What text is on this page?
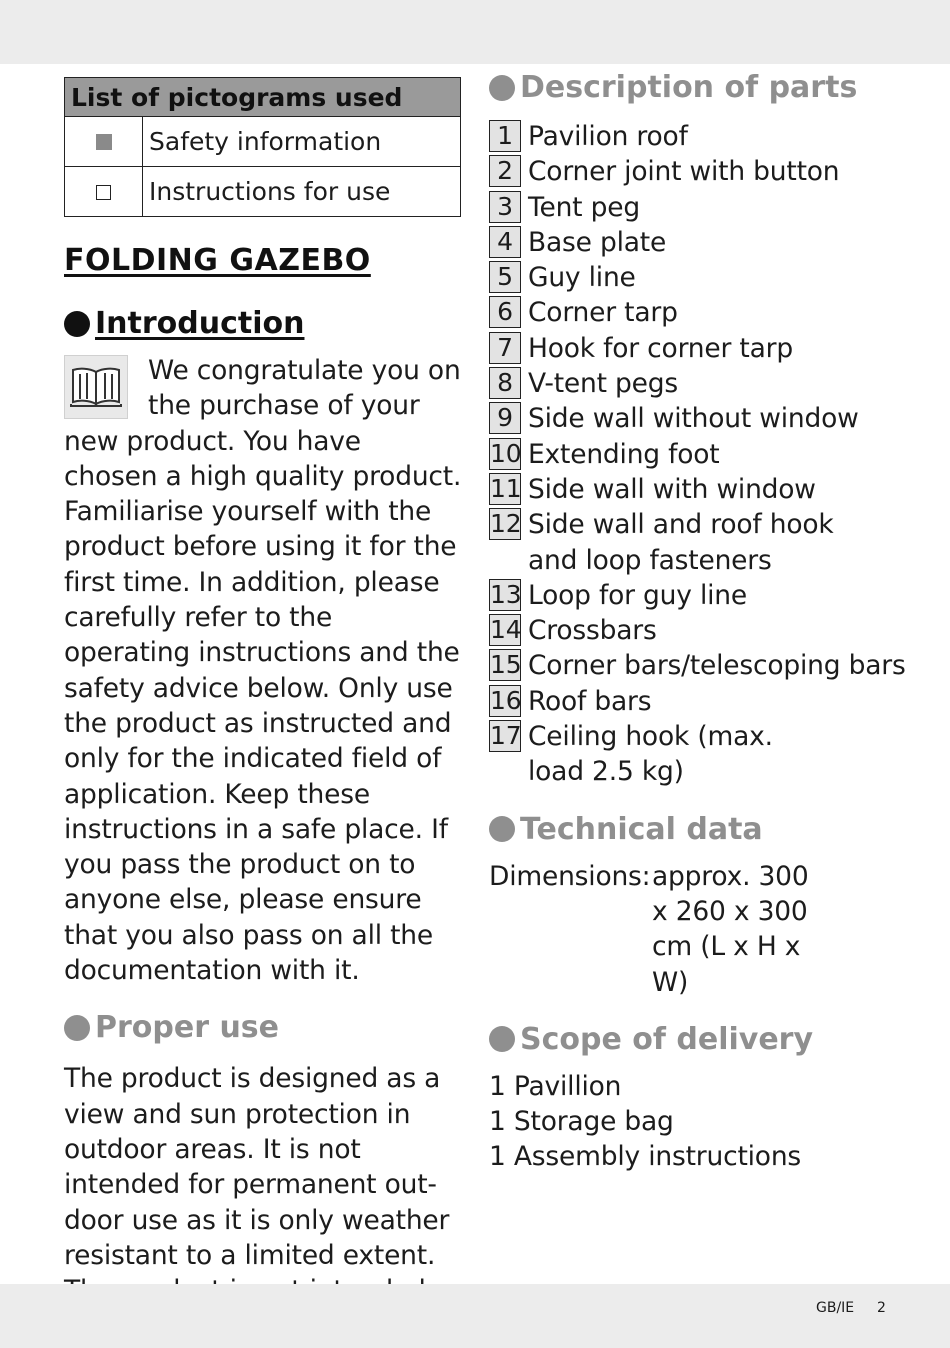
List of pictograms used	
	Safety information
	Instructions for use
FOLDING GAZEBO
Introduction

We congratulate you on the purchase of your new product. You have chosen a high quality product. Familiarise yourself with the product before using it for the first time. In addition, please carefully refer to the operating instructions and the safety advice below. Only use the product as instructed and only for the indicated field of application. Keep these instructions in a safe place. If you pass the product on to anyone else, please ensure that you also pass on all the documentation with it.

Proper use

The product is designed as a view and sun protection in outdoor areas. It is not intended for permanent out-door use as it is only weather resistant to a limited extent.

Description of parts
1 Pavilion roof
2 Corner joint with button
3 Tent peg
4 Base plate
5 Guy line
6 Corner tarp
7 Hook for corner tarp
8 V-tent pegs
9 Side wall without window
10 Extending foot
11 Side wall with window
12 Side wall and roof hook and loop fasteners
13 Loop for guy line
14 Crossbars
15 Corner bars/telescoping bars
16 Roof bars
17 Ceiling hook (max. load 2.5 kg)
Technical data
Dimensions: approx. 300 x 260 x 300 cm (L x H x W)
Scope of delivery
1 Pavillion
1 Storage bag
1 Assembly instructions
GB/IE 2
